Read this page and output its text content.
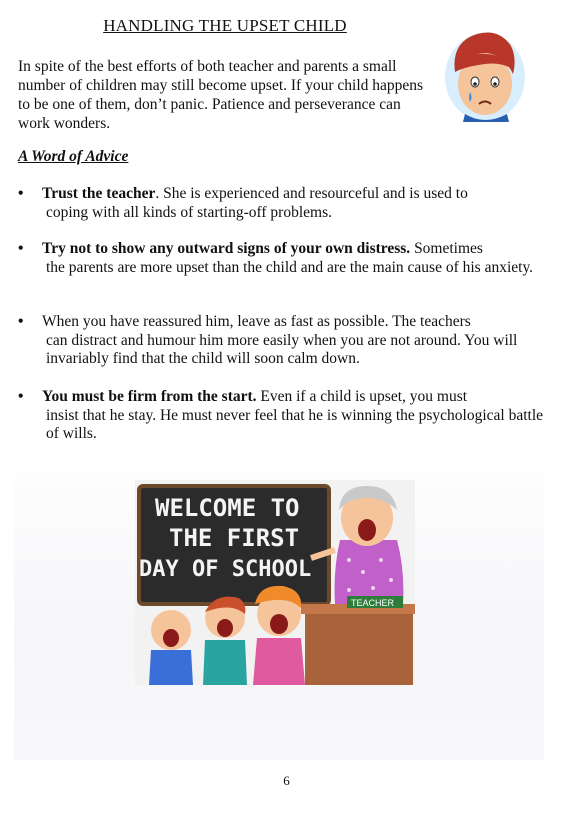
HANDLING THE UPSET CHILD
In spite of the best efforts of both teacher and parents a small number of children may still become upset. If your child happens to be one of them, don’t panic. Patience and perseverance can work wonders.
A Word of Advice
• Trust the teacher. She is experienced and resourceful and is used to
coping with all kinds of starting-off problems.
• Try not to show any outward signs of your own distress. Sometimes
the parents are more upset than the child and are the main cause of his anxiety.
• When you have reassured him, leave as fast as possible. The teachers
can distract and humour him more easily when you are not around. You will invariably find that the child will soon calm down.
• You must be firm from the start. Even if a child is upset, you must
insist that he stay. He must never feel that he is winning the psychological battle of wills.
WELCOME TO
THE FIRST
DAY OF SCHOOL
TEACHER
6
